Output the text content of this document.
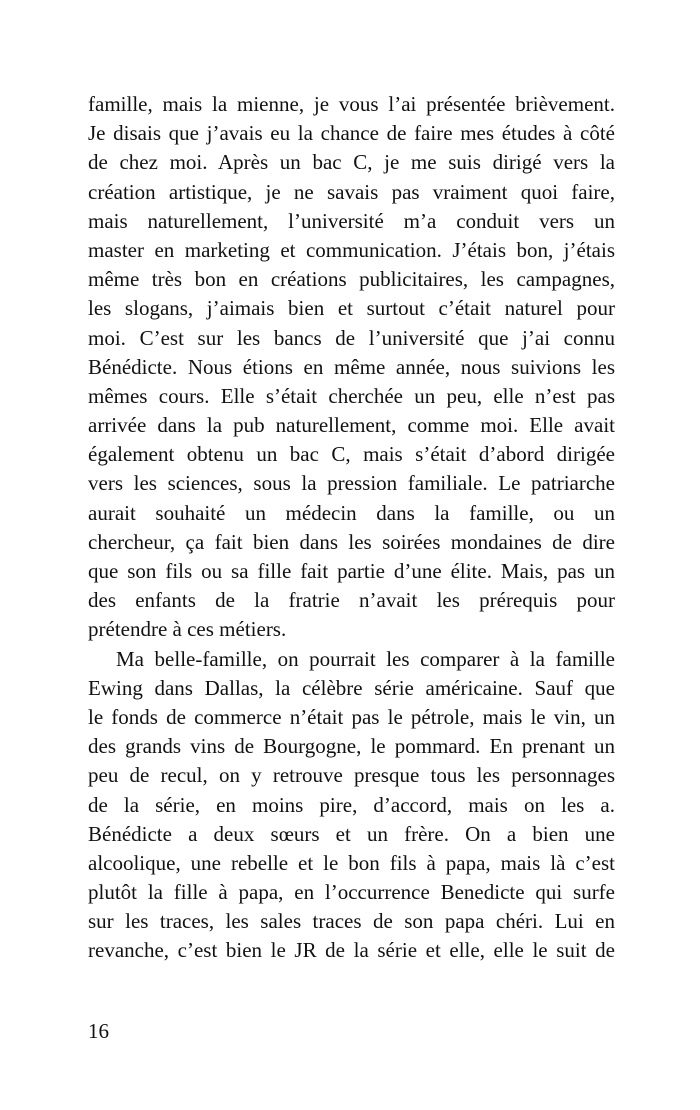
famille, mais la mienne, je vous l’ai présentée brièvement.
Je disais que j’avais eu la chance de faire mes études à côté
de chez moi. Après un bac C, je me suis dirigé vers la
création artistique, je ne savais pas vraiment quoi faire,
mais naturellement, l’université m’a conduit vers un
master en marketing et communication. J’étais bon, j’étais
même très bon en créations publicitaires, les campagnes,
les slogans, j’aimais bien et surtout c’était naturel pour
moi. C’est sur les bancs de l’université que j’ai connu
Bénédicte. Nous étions en même année, nous suivions les
mêmes cours. Elle s’était cherchée un peu, elle n’est pas
arrivée dans la pub naturellement, comme moi. Elle avait
également obtenu un bac C, mais s’était d’abord dirigée
vers les sciences, sous la pression familiale. Le patriarche
aurait souhaité un médecin dans la famille, ou un
chercheur, ça fait bien dans les soirées mondaines de dire
que son fils ou sa fille fait partie d’une élite. Mais, pas un
des enfants de la fratrie n’avait les prérequis pour
prétendre à ces métiers.
Ma belle-famille, on pourrait les comparer à la famille
Ewing dans Dallas, la célèbre série américaine. Sauf que
le fonds de commerce n’était pas le pétrole, mais le vin, un
des grands vins de Bourgogne, le pommard. En prenant un
peu de recul, on y retrouve presque tous les personnages
de la série, en moins pire, d’accord, mais on les a.
Bénédicte a deux sœurs et un frère. On a bien une
alcoolique, une rebelle et le bon fils à papa, mais là c’est
plutôt la fille à papa, en l’occurrence Benedicte qui surfe
sur les traces, les sales traces de son papa chéri. Lui en
revanche, c’est bien le JR de la série et elle, elle le suit de
16
